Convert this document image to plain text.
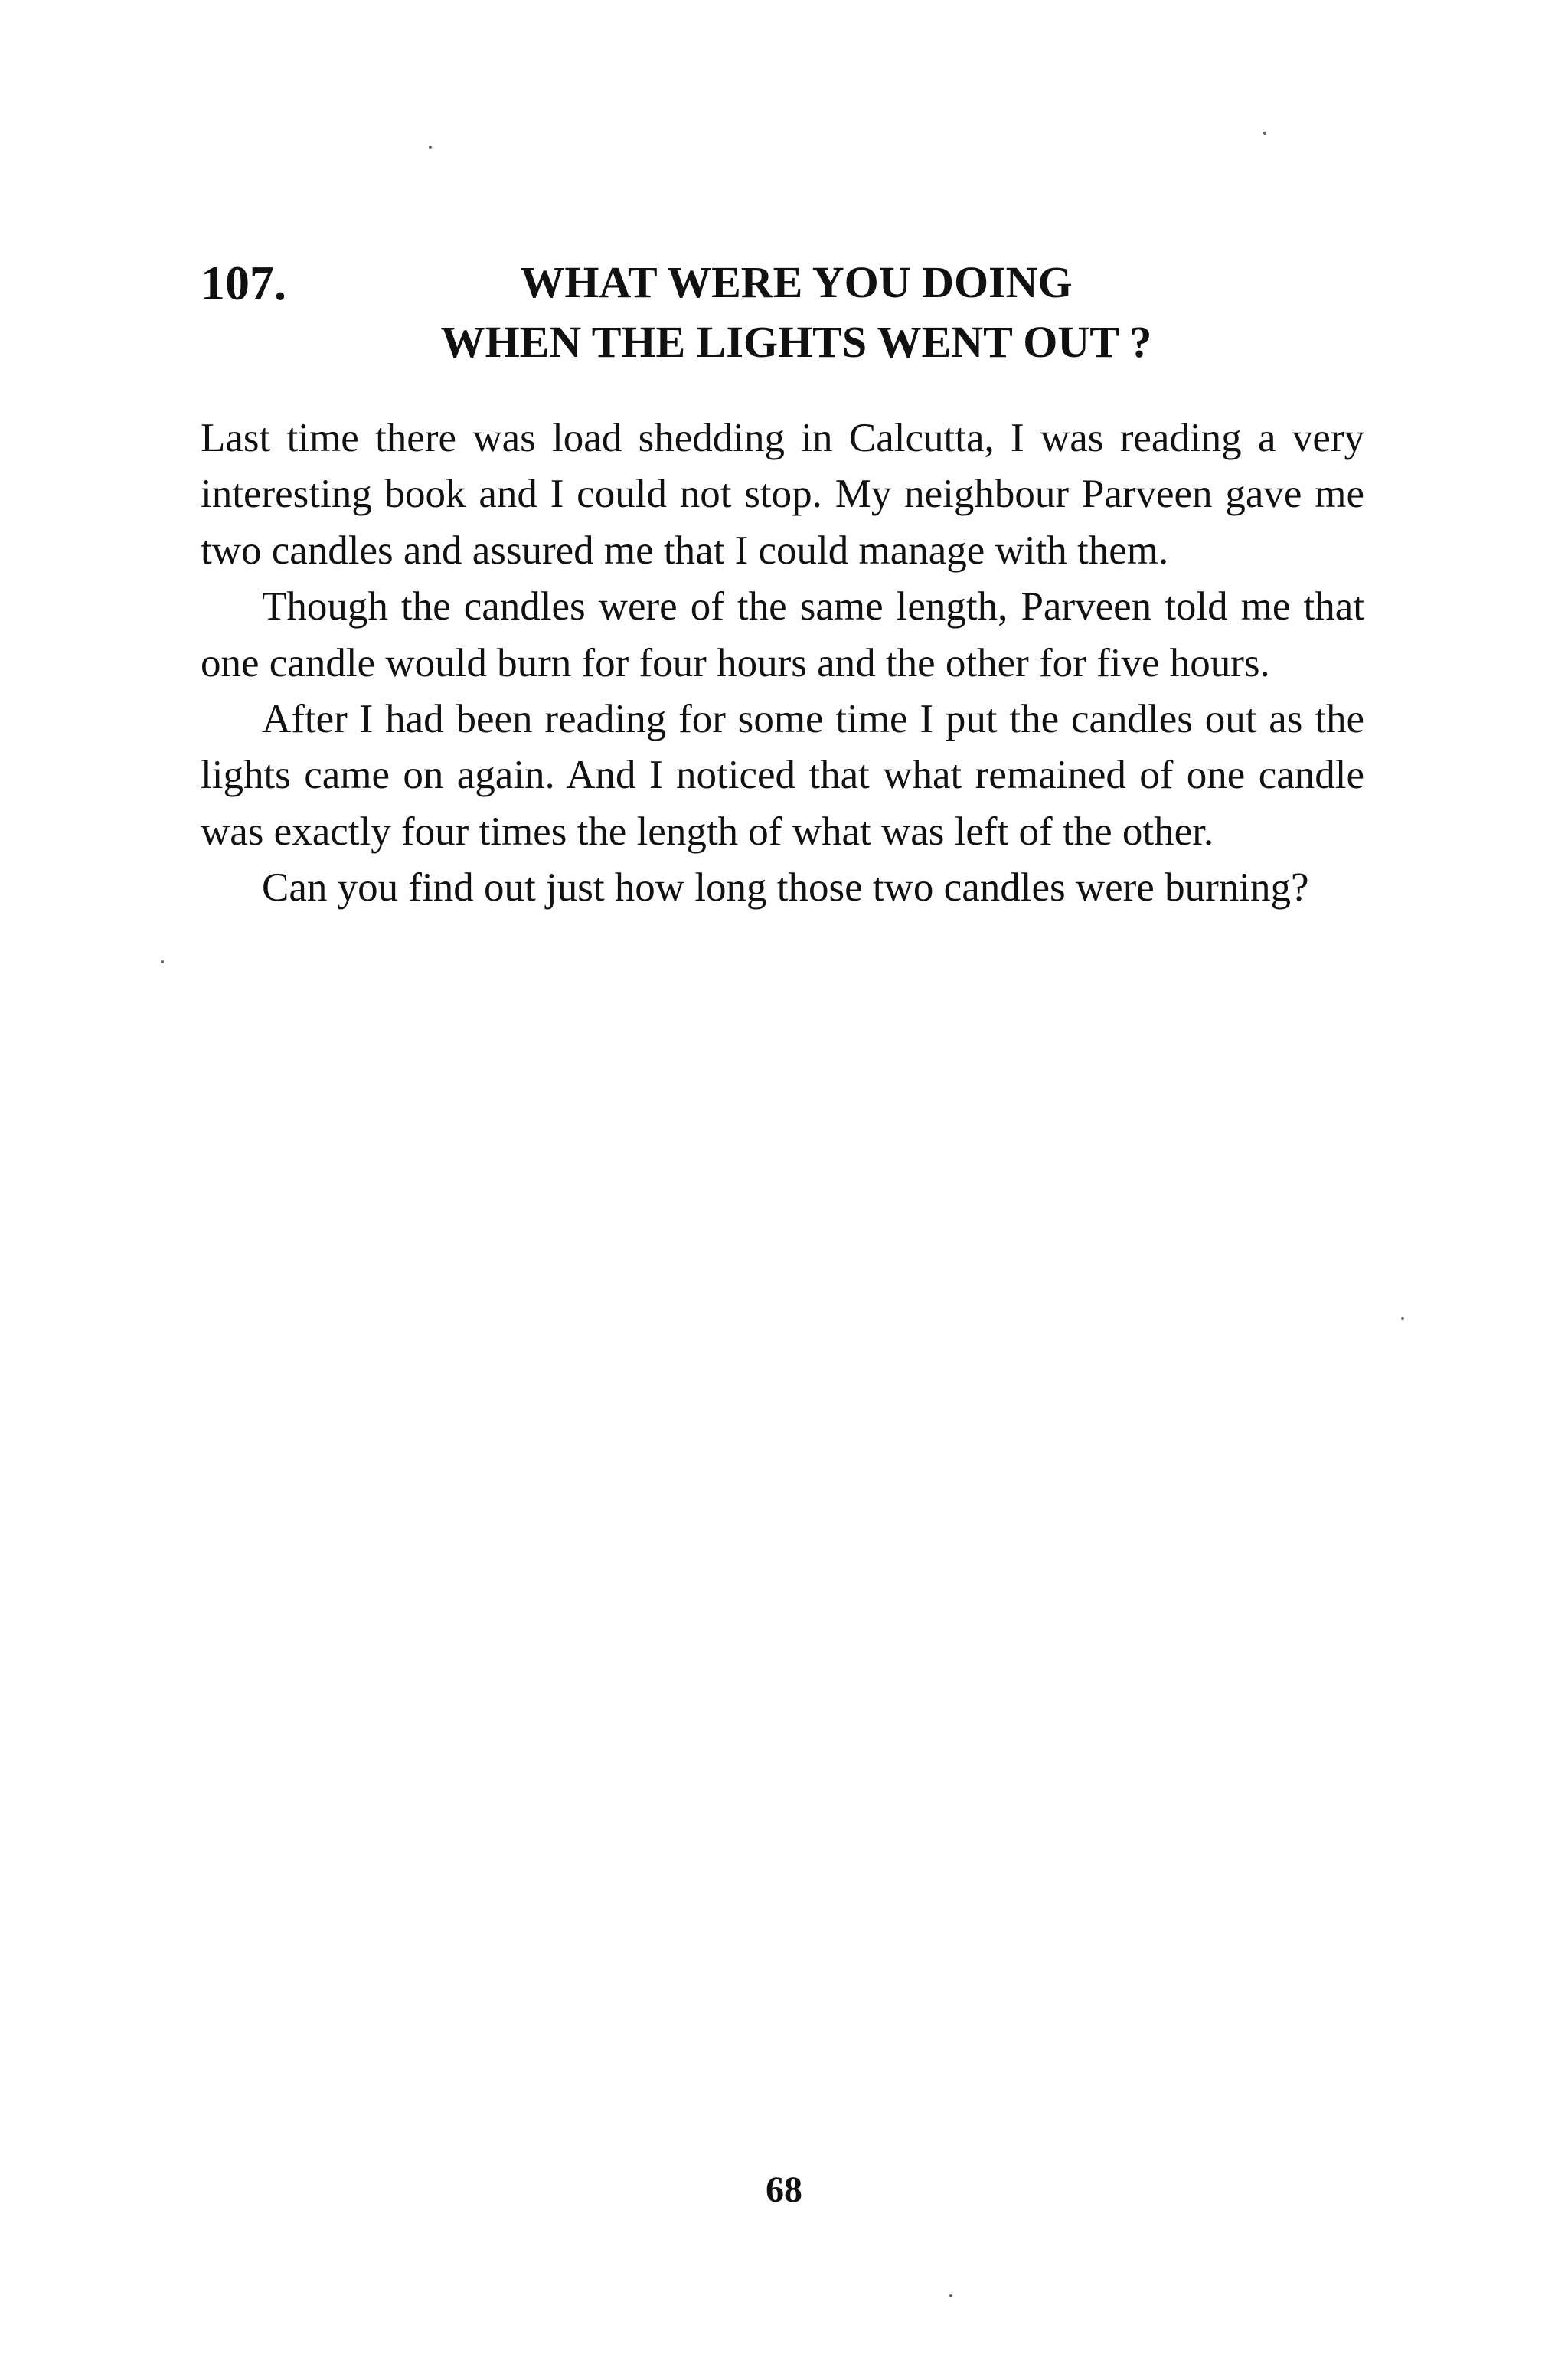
107.	WHAT WERE YOU DOING
WHEN THE LIGHTS WENT OUT ?

Last time there was load shedding in Calcutta, I was reading a very interesting book and I could not stop. My neighbour Parveen gave me two candles and assured me that I could manage with them.

Though the candles were of the same length, Parveen told me that one candle would burn for four hours and the other for five hours.

After I had been reading for some time I put the candles out as the lights came on again. And I noticed that what remained of one candle was exactly four times the length of what was left of the other.

Can you find out just how long those two candles were burning?

68
